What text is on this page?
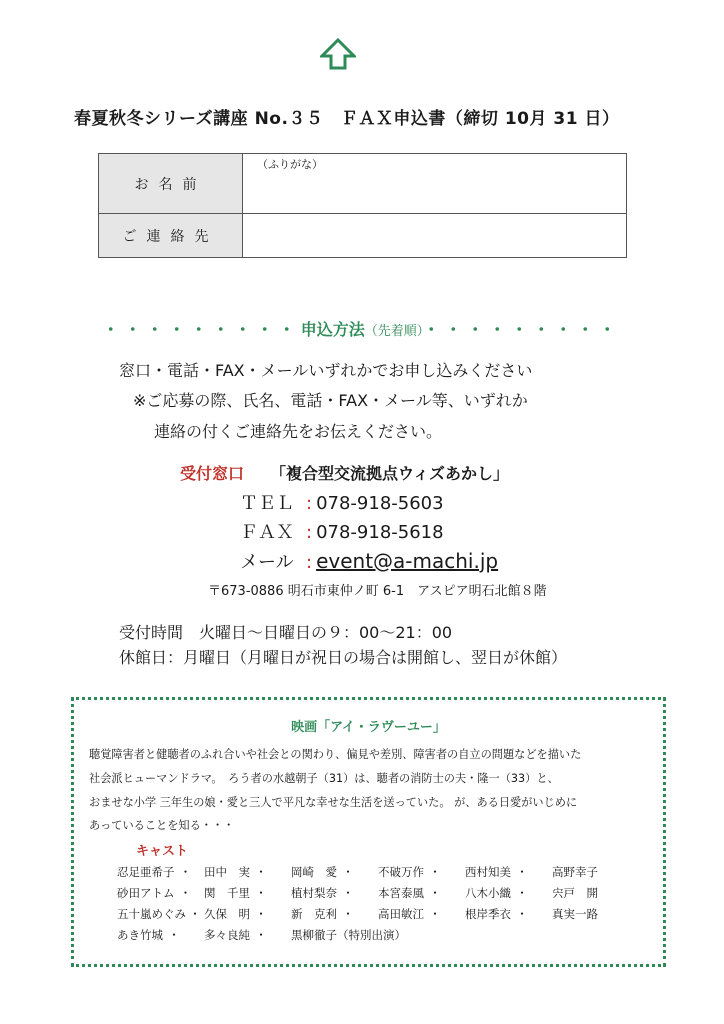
春夏秋冬シリーズ講座 No.３５　ＦＡＸ申込書（締切 10月 31 日）
お名前	（ふりがな）

ご連絡先	
・・・・・・・・・申込方法（先着順）・・・・・・・・・
窓口・電話・FAX・メールいずれかでお申し込みください
※ご応募の際、氏名、電話・FAX・メール等、いずれか
連絡の付くご連絡先をお伝えください。
受付窓口 「複合型交流拠点ウィズあかし」
ＴＥＬ : 078-918-5603
ＦＡＸ : 078-918-5618
メール : event@a-machi.jp
〒673-0886 明石市東仲ノ町 6-1　アスピア明石北館８階
受付時間　火曜日～日曜日の９：00～21：00
休館日：月曜日（月曜日が祝日の場合は開館し、翌日が休館）
映画「アイ・ラヴーユー」
聴覚障害者と健聴者のふれ合いや社会との関わり、偏見や差別、障害者の自立の問題などを描いた
社会派ヒューマンドラマ。　ろう者の水越朝子（31）は、聴者の消防士の夫・隆一（33）と、
おませな小学 三年生の娘・愛と三人で平凡な幸せな生活を送っていた。 が、ある日愛がいじめに
あっていることを知る・・・
キャスト
忍足亜希子 ・	田中　実 ・	岡崎　愛 ・	不破万作 ・	西村知美 ・	高野幸子
砂田アトム ・	関　千里 ・	植村梨奈 ・	本宮泰風 ・	八木小織 ・	宍戸　開
五十嵐めぐみ ・ 久保　明 ・	新　克利 ・	高田敏江 ・	根岸季衣 ・	真実一路
あき竹城 ・	多々良純 ・	黒柳徹子（特別出演）
